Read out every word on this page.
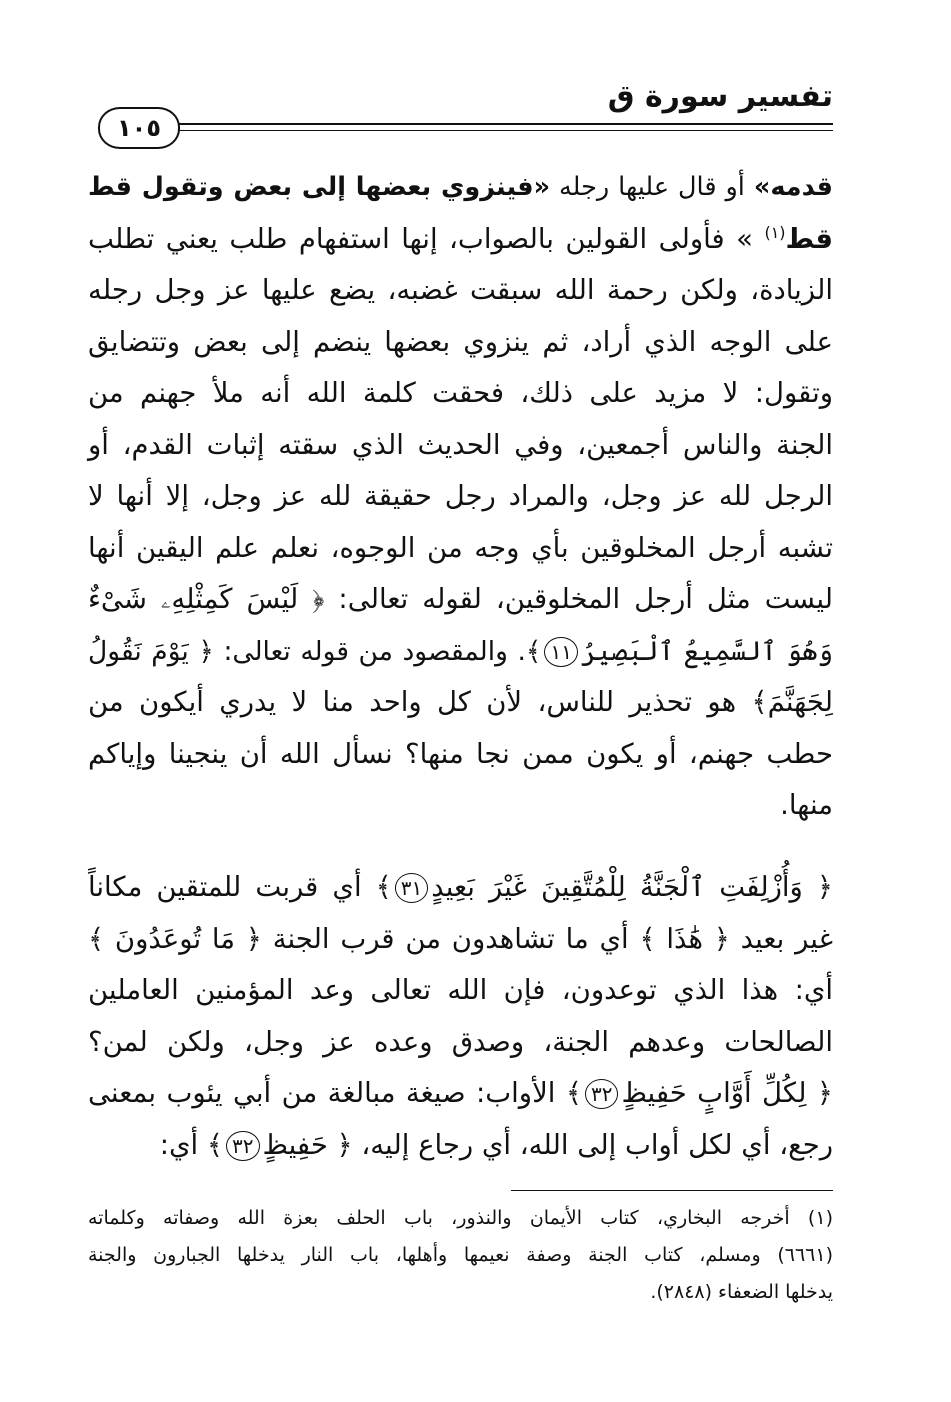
تفسير سورة ق
١٠٥
قدمه» أو قال عليها رجله «فينزوي بعضها إلى بعض وتقول قط
قط$^{(١)}$ » فأولى القولين بالصواب، إنها استفهام طلب يعني تطلب
الزيادة، ولكن رحمة الله سبقت غضبه، يضع عليها عز وجل رجله
على الوجه الذي أراد، ثم ينزوي بعضها ينضم إلى بعض وتتضايق
وتقول: لا مزيد على ذلك، فحقت كلمة الله أنه ملأ جهنم من
الجنة والناس أجمعين، وفي الحديث الذي سقته إثبات القدم، أو
الرجل لله عز وجل، والمراد رجل حقيقة لله عز وجل، إلا أنها لا
تشبه أرجل المخلوقين بأي وجه من الوجوه، نعلم علم اليقين أنها
ليست مثل أرجل المخلوقين، لقوله تعالى: ﴿ لَيْسَ كَمِثْلِهِۦ شَىْءٌ
وَهُوَ ٱلسَّمِيعُ ٱلْبَصِيرُ١١﴾. والمقصود من قوله تعالى: ﴿ يَوْمَ نَقُولُ
لِجَهَنَّمَ﴾ هو تحذير للناس، لأن كل واحد منا لا يدري أيكون من
حطب جهنم، أو يكون ممن نجا منها؟ نسأل الله أن ينجينا وإياكم
منها.
﴿ وَأُزْلِفَتِ ٱلْجَنَّةُ لِلْمُتَّقِينَ غَيْرَ بَعِيدٍ٣١﴾ أي قربت للمتقين مكاناً
غير بعيد ﴿ هَٰذَا ﴾ أي ما تشاهدون من قرب الجنة ﴿ مَا تُوعَدُونَ ﴾
أي: هذا الذي توعدون، فإن الله تعالى وعد المؤمنين العاملين
الصالحات وعدهم الجنة، وصدق وعده عز وجل، ولكن لمن؟
﴿ لِكُلِّ أَوَّابٍ حَفِيظٍ٣٢﴾ الأواب: صيغة مبالغة من أبي يئوب بمعنى
رجع، أي لكل أواب إلى الله، أي رجاع إليه، ﴿ حَفِيظٍ٣٢﴾ أي:
(١) أخرجه البخاري، كتاب الأيمان والنذور، باب الحلف بعزة الله وصفاته وكلماته
(٦٦٦١) ومسلم، كتاب الجنة وصفة نعيمها وأهلها، باب النار يدخلها الجبارون والجنة
يدخلها الضعفاء (٢٨٤٨).
